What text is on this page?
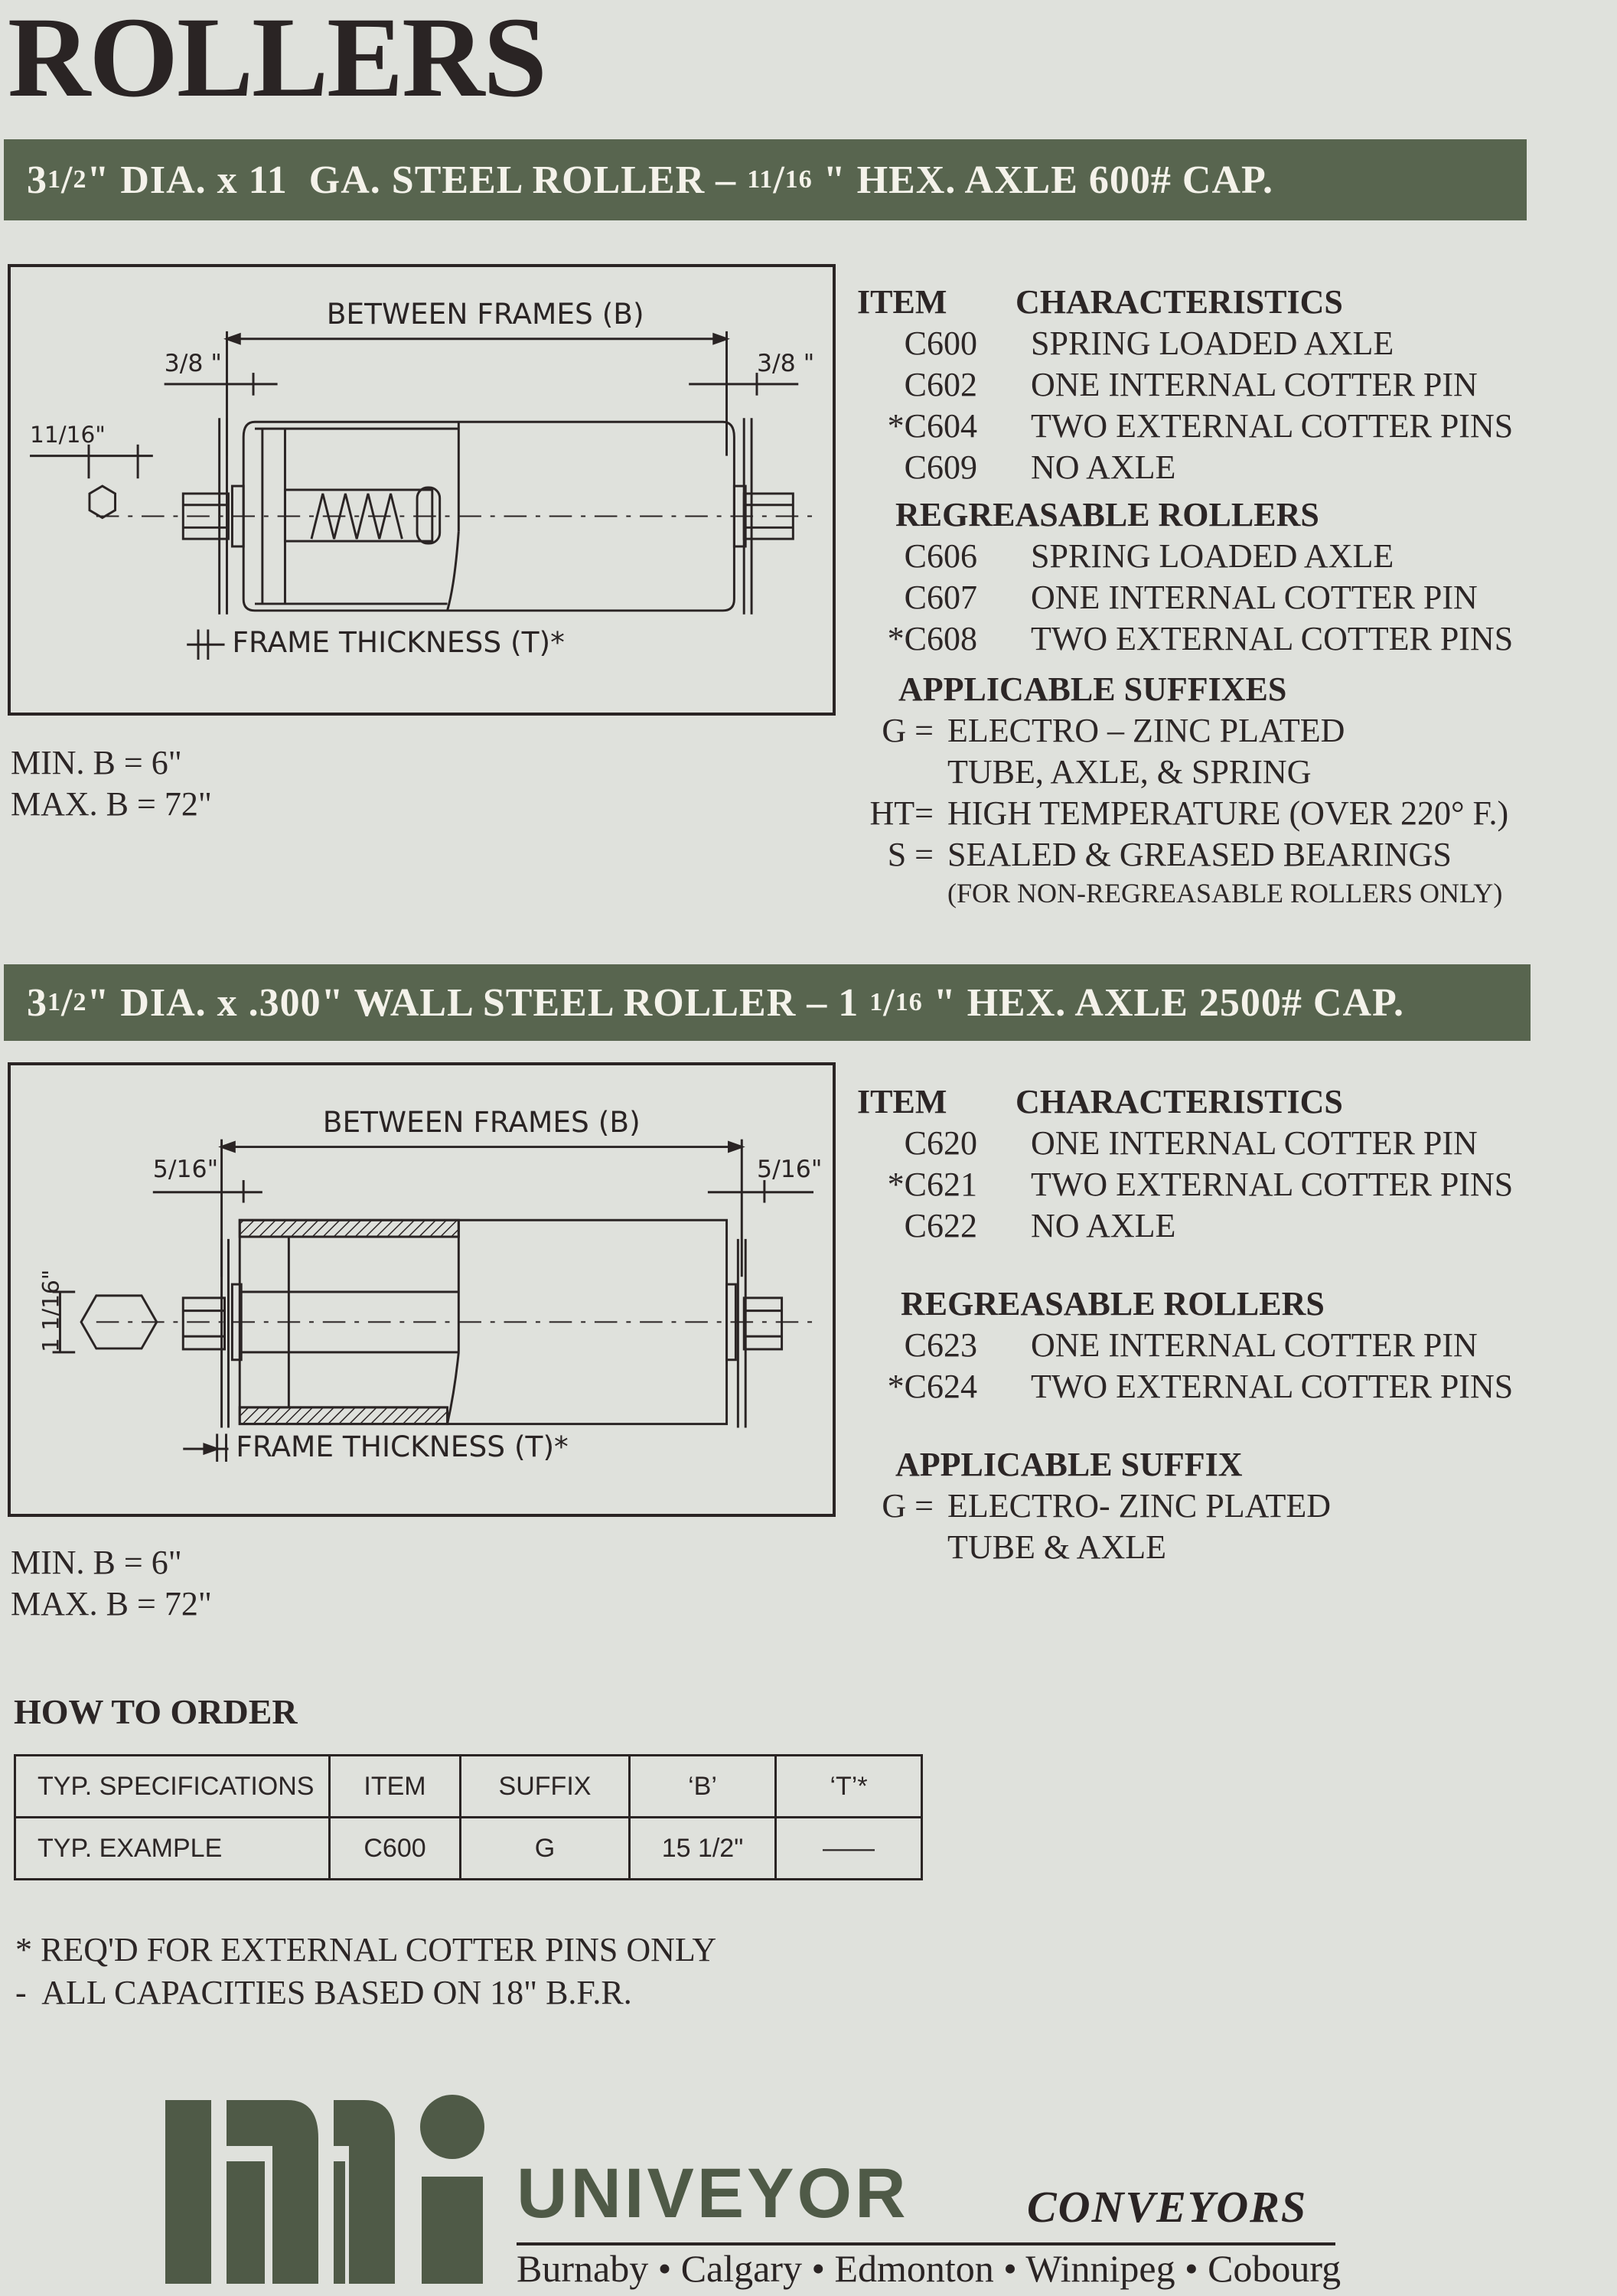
ROLLERS
3 1 / 2 " DIA. x 11  GA. STEEL ROLLER – 11 / 16 " HEX. AXLE 600# CAP.
BETWEEN FRAMES (B)
3/8 "	3/8 "
11/16"
FRAME THICKNESS (T)*
MIN. B = 6"
MAX. B = 72"
ITEM	CHARACTERISTICS
C600	SPRING LOADED AXLE
C602	ONE INTERNAL COTTER PIN
*C604	TWO EXTERNAL COTTER PINS
C609	NO AXLE
REGREASABLE ROLLERS
C606	SPRING LOADED AXLE
C607	ONE INTERNAL COTTER PIN
*C608	TWO EXTERNAL COTTER PINS
APPLICABLE SUFFIXES
G = ELECTRO – ZINC PLATED
TUBE, AXLE, & SPRING
HT= HIGH TEMPERATURE (OVER 220° F.)
S = SEALED & GREASED BEARINGS
(FOR NON-REGREASABLE ROLLERS ONLY)
3 1 / 2 " DIA. x .300" WALL STEEL ROLLER – 1 1 / 16 " HEX. AXLE 2500# CAP.
BETWEEN FRAMES (B)
5/16"	5/16"
1 1/16"
FRAME THICKNESS (T)*
MIN. B = 6"
MAX. B = 72"
ITEM	CHARACTERISTICS
C620	ONE INTERNAL COTTER PIN
*C621	TWO EXTERNAL COTTER PINS
C622	NO AXLE
REGREASABLE ROLLERS
C623	ONE INTERNAL COTTER PIN
*C624	TWO EXTERNAL COTTER PINS
APPLICABLE SUFFIX
G = ELECTRO- ZINC PLATED
TUBE & AXLE
HOW TO ORDER
TYP. SPECIFICATIONS	ITEM	SUFFIX	‘B’	‘T’*
TYP. EXAMPLE	C600	G	15 1/2"	——
* REQ'D FOR EXTERNAL COTTER PINS ONLY
-  ALL CAPACITIES BASED ON 18" B.F.R.
UNIVEYOR	CONVEYORS
Burnaby • Calgary • Edmonton • Winnipeg • Cobourg
